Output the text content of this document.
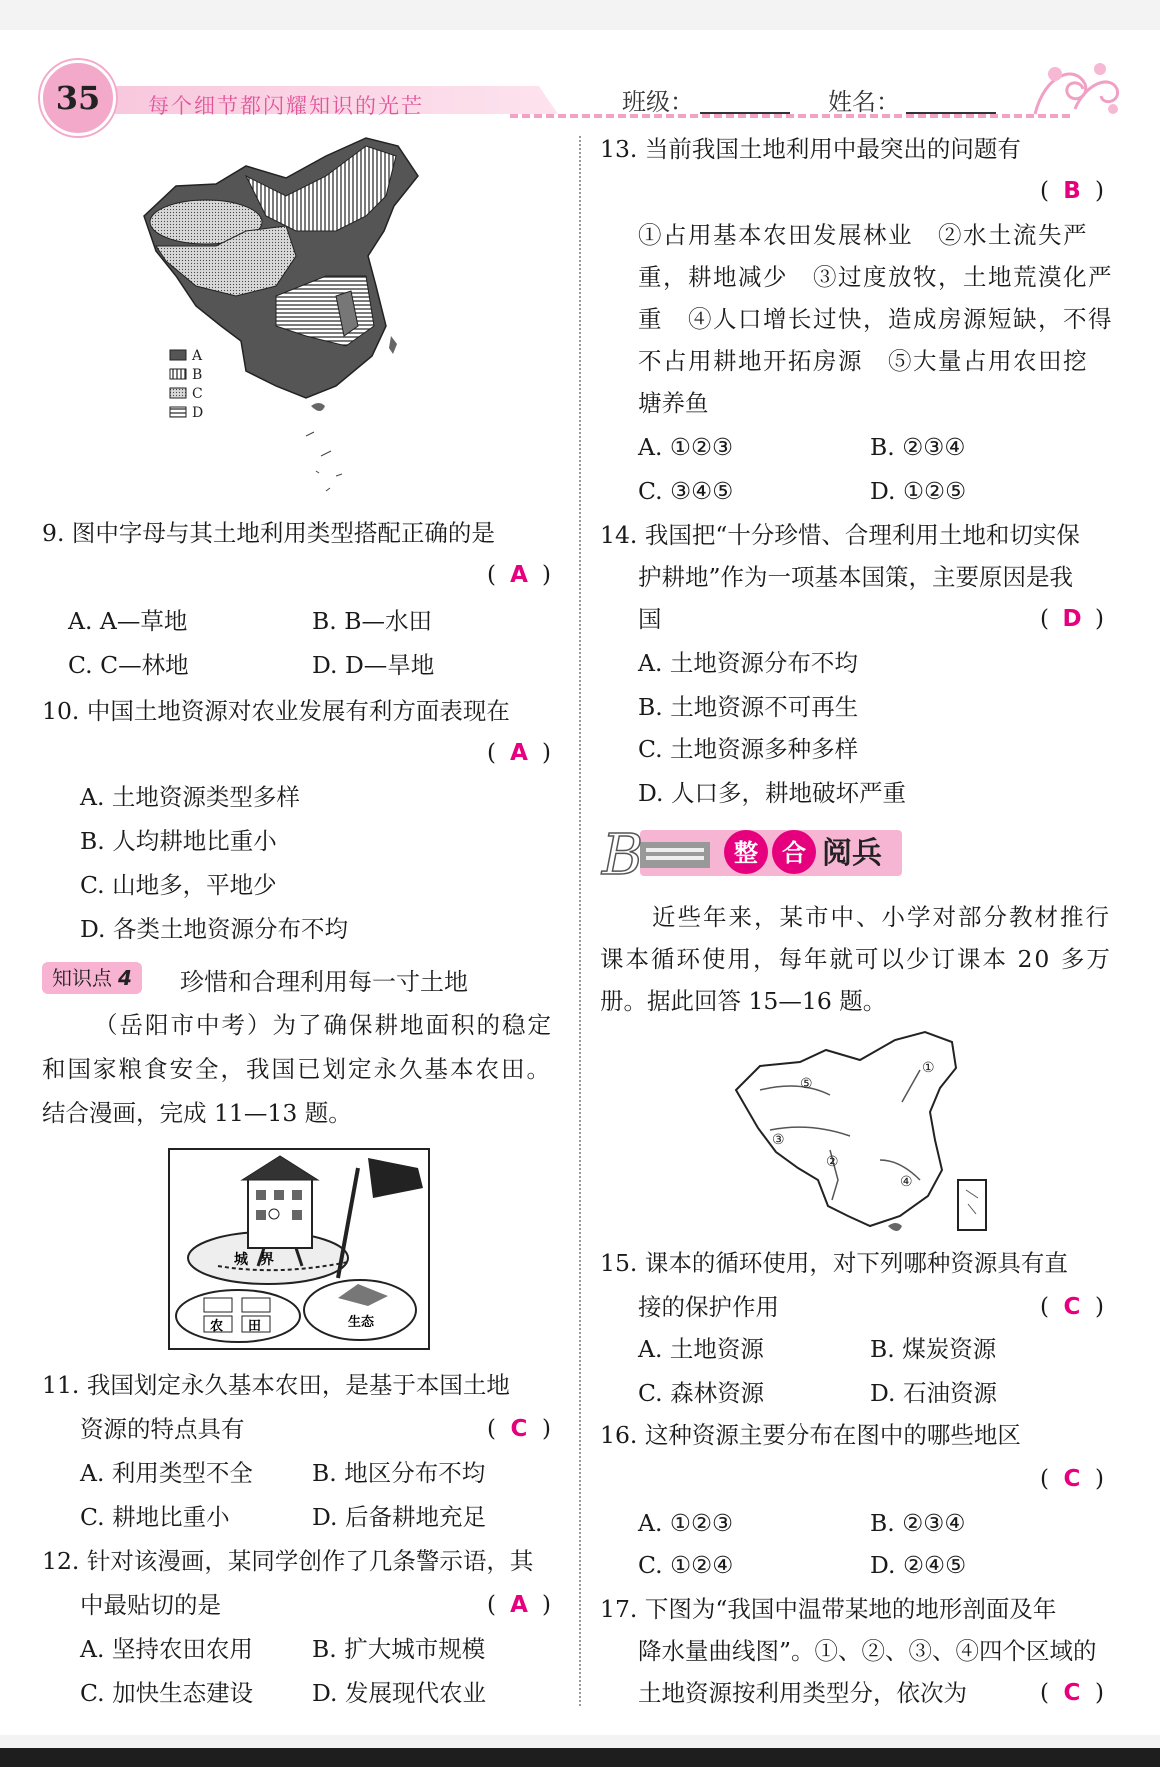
35	每个细节都闪耀知识的光芒	班级：	姓名：
A
B
C
D
9. 图中字母与其土地利用类型搭配正确的是
( A )
A. A—草地	B. B—水田
C. C—林地	D. D—旱地
10. 中国土地资源对农业发展有利方面表现在
( A )
A. 土地资源类型多样
B. 人均耕地比重小
C. 山地多，平地少
D. 各类土地资源分布不均
知识点 4	珍惜和合理利用每一寸土地
（岳阳市中考）为了确保耕地面积的稳定
和国家粮食安全，我国已划定永久基本农田。
结合漫画，完成 11—13 题。
城 界
农 田	生态
11. 我国划定永久基本农田，是基于本国土地
资源的特点具有	( C )
A. 利用类型不全	B. 地区分布不均
C. 耕地比重小	D. 后备耕地充足
12. 针对该漫画，某同学创作了几条警示语，其
中最贴切的是	( A )
A. 坚持农田农用	B. 扩大城市规模
C. 加快生态建设	D. 发展现代农业
13. 当前我国土地利用中最突出的问题有
( B )
①占用基本农田发展林业　②水土流失严
重，耕地减少　③过度放牧，土地荒漠化严
重　④人口增长过快，造成房源短缺，不得
不占用耕地开拓房源　⑤大量占用农田挖
塘养鱼
A. ①②③	B. ②③④
C. ③④⑤	D. ①②⑤
14. 我国把“十分珍惜、合理利用土地和切实保
护耕地”作为一项基本国策，主要原因是我
国	( D )
A. 土地资源分布不均
B. 土地资源不可再生
C. 土地资源多种多样
D. 人口多，耕地破坏严重
B	整 合 阅兵
近些年来，某市中、小学对部分教材推行
课本循环使用，每年就可以少订课本 20 多万
册。据此回答 15—16 题。
①
②
③
④
⑤
15. 课本的循环使用，对下列哪种资源具有直
接的保护作用	( C )
A. 土地资源	B. 煤炭资源
C. 森林资源	D. 石油资源
16. 这种资源主要分布在图中的哪些地区
( C )
A. ①②③	B. ②③④
C. ①②④	D. ②④⑤
17. 下图为“我国中温带某地的地形剖面及年
降水量曲线图”。①、②、③、④四个区域的
土地资源按利用类型分，依次为	( C )
